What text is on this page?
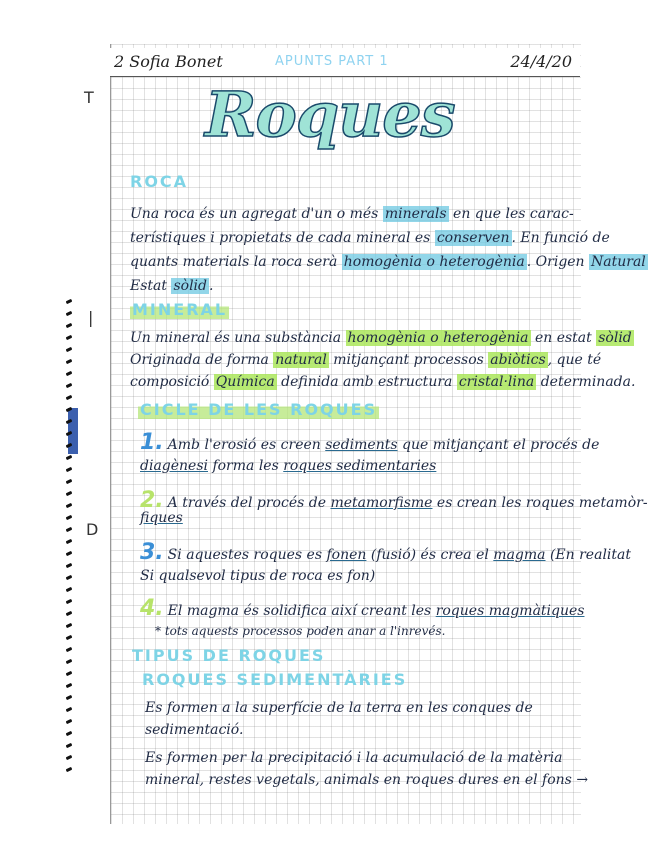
T
|
D
2 Sofia Bonet	APUNTS PART 1	24/4/20
Roques
ROCA
Una roca és un agregat d'un o més minerals en que les carac-
terístiques i propietats de cada mineral es conserven . En funció de
quants materials la roca serà homogènia o heterogènia . Origen Natural
Estat sòlid .
MINERAL
Un mineral és una substància homogènia o heterogènia en estat sòlid
Originada de forma natural mitjançant processos abiòtics , que té
composició Química definida amb estructura cristal·lina determinada.
CICLE DE LES ROQUES
1. Amb l'erosió es creen sediments que mitjançant el procés de
diagènesi forma les roques sedimentaries
2. A través del procés de metamorfisme es crean les roques metamòr-
fiques
3. Si aquestes roques es fonen (fusió) és crea el magma (En realitat
Si qualsevol tipus de roca es fon)
4. El magma és solidifica així creant les roques magmàtiques
* tots aquests processos poden anar a l'inrevés.
TIPUS DE ROQUES
ROQUES SEDIMENTÀRIES
Es formen a la superfície de la terra en les conques de
sedimentació.
Es formen per la precipitació i la acumulació de la matèria
mineral, restes vegetals, animals en roques dures en el fons →
